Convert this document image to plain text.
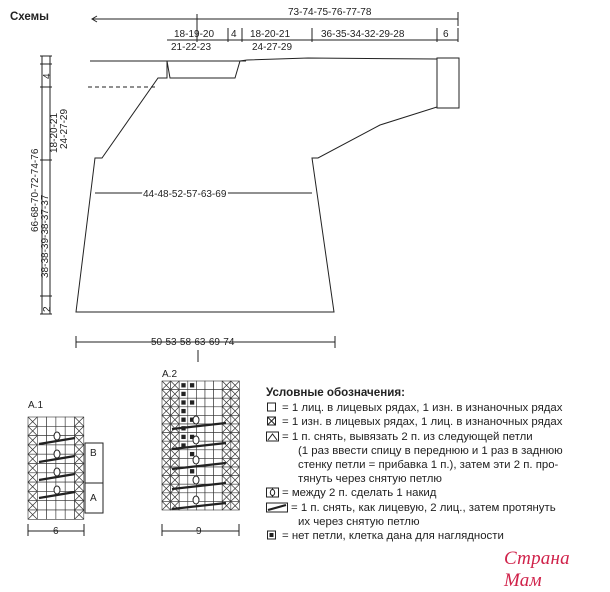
Схемы	73-74-75-76-77-78
18-19-20
21-22-23
4 18-20-21
24-27-29
36-35-34-32-29-28	6
44-48-52-57-63-69
50-53-58-63-69-74
66-68-70-72-74-76
38-38-39-38-37-37
4
18-20-21 24-27-29
2
A.1
B
A
6
A.2
9
Условные обозначения:
= 1 лиц. в лицевых рядах, 1 изн. в изнаночных рядах
= 1 изн. в лицевых рядах, 1 лиц. в изнаночных рядах
= 1 п. снять, вывязать 2 п. из следующей петли
(1 раз ввести спицу в переднюю и 1 раз в заднюю
стенку петли = прибавка 1 п.), затем эти 2 п. про-
тянуть через снятую петлю
= между 2 п. сделать 1 накид
= 1 п. снять, как лицевую, 2 лиц., затем протянуть
их через снятую петлю
= нет петли, клетка дана для наглядности
Страна Мам
